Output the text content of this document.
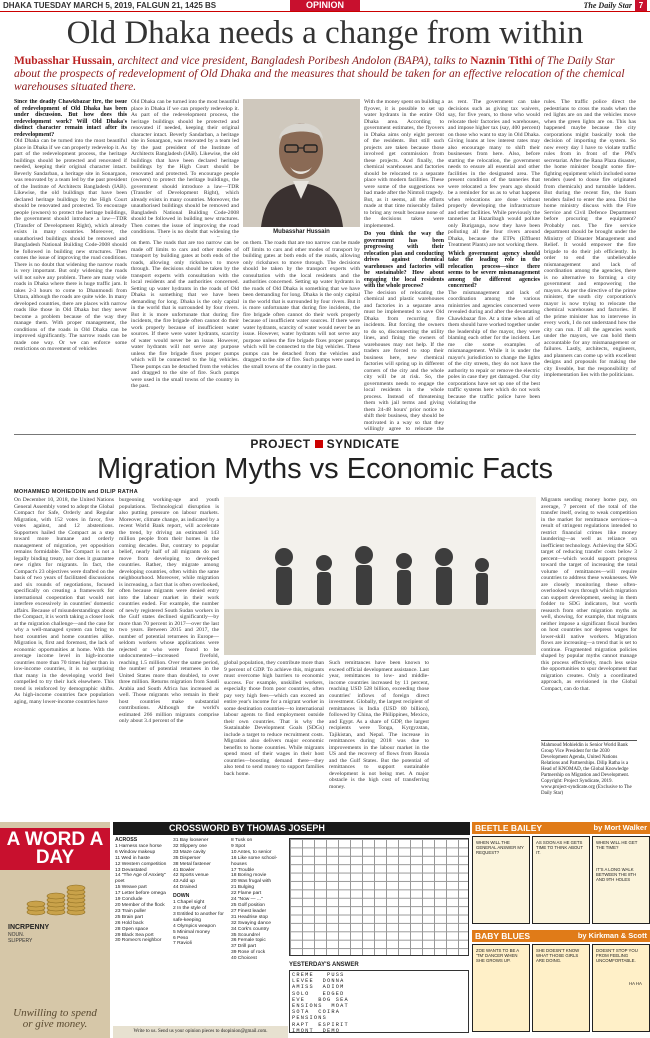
DHAKA TUESDAY MARCH 5, 2019, FALGUN 21, 1425 BS	OPINION	The Daily Star 7
Old Dhaka needs a change from within
Mubasshar Hussain, architect and vice president, Bangladesh Poribesh Andolon (BAPA), talks to Naznin Tithi of The Daily Star about the prospects of redevelopment of Old Dhaka and the measures that should be taken for an effective relocation of the chemical warehouses situated there.
Since the deadly Chawkbazar fire, the issue of redevelopment of Old Dhaka has been under discussion. But how does this redevelopment work? Will Old Dhaka's distinct character remain intact after its redevelopment?

Old Dhaka can be turned into the most beautiful place in Dhaka if we can properly redevelop it. As part of the redevelopment process, the heritage buildings should be protected and renovated if needed, keeping their original character intact. Beverly Sandarban, a heritage site in Sonargaon, was renovated by a team led by the past president of the Institute of Architects Bangladesh (IAB). Likewise, the old buildings that have been declared heritage buildings by the High Court should be renovated and protected. To encourage people (owners) to protect the heritage buildings, the government should introduce a law—TDR (Transfer of Development Right), which already exists in many countries. Moreover, the unauthorised buildings should be removed and Bangladesh National Building Code-2008 should be followed in building new structures. Then comes the issue of improving the road conditions. There is no doubt that widening the narrow roads is very important. But only widening the roads will not solve any problem. There are many wide roads in Dhaka where there is huge traffic jam. It takes 2-3 hours to come to Dhanmondi from Uttara, although the roads are quite wide. In many developed countries, there are places with narrow roads like those in Old Dhaka but they never become a problem because of the way they manage them. With proper management, the conditions of the roads in Old Dhaka can be improved significantly. The narrow roads can be made one way. Or we can enforce some restrictions on movement of vehicles

Mubasshar Hussain

on them. The roads that are too narrow can be made off limits to cars and other modes of transport by building gates at both ends of the roads, allowing only rickshaws to move through. The decisions should be taken by the transport experts with consultation with the local residents and the authorities concerned. Setting up water hydrants in the roads of Old Dhaka is something that we have been demanding for long. Dhaka is the only capital in the world that is surrounded by four rivers. But it is more unfortunate that during fire incidents, the fire brigade often cannot do their work properly because of insufficient water sources. If there were water hydrants, scarcity of water would never be an issue. However, water hydrants will not serve any purpose unless the fire brigade fixes proper pumps which will be connected to the big vehicles. These pumps can be detached from the vehicles and dragged to the site of fire. Such pumps were used in the small towns of the country in the past.

on them. The roads that are too narrow can be made off limits to cars and other modes of transport by building gates at both ends of the roads, allowing only rickshaws to move through. The decisions should be taken by the transport experts with consultation with the local residents and the authorities concerned. Setting up water hydrants in the roads of Old Dhaka is something that we have been demanding for long. Dhaka is the only capital in the world that is surrounded by four rivers. But it is more unfortunate that during fire incidents, the fire brigade often cannot do their work properly because of insufficient water sources. If there were water hydrants, scarcity of water would never be an issue. However, water hydrants will not serve any purpose unless the fire brigade fixes proper pumps which will be connected to the big vehicles. These pumps can be detached from the vehicles and dragged to the site of fire. Such pumps were used in the small towns of the country in the past.

Old Dhaka can be turned into the most beautiful place in Dhaka if we can properly redevelop it. As part of the redevelopment process, the heritage buildings should be protected and renovated if needed, keeping their original character intact. Beverly Sandarban, a heritage site in Sonargaon, was renovated by a team led by the past president of the Institute of Architects Bangladesh (IAB). Likewise, the old buildings that have been declared heritage buildings by the High Court should be renovated and protected. To encourage people (owners) to protect the heritage buildings, the government should introduce a law—TDR (Transfer of Development Right), which already exists in many countries. Moreover, the unauthorised buildings should be removed and Bangladesh National Building Code-2008 should be followed in building new structures. Then comes the issue of improving the road conditions. There is no doubt that widening the

With the money spent on building a flyover, it is possible to set up water hydrants in the entire Old Dhaka area. According to government estimates, the flyovers in Dhaka aims only eight percent of the residents. But still such projects are taken because those involved get commission from these projects. And finally, the chemical warehouses and factories should be relocated to a separate place with modern facilities. These were some of the suggestions we had made after the Nimtoli tragedy. But, as it seems, all the efforts made at that time miserably failed to bring any result because none of the decisions taken were implemented.

Do you think the way the government has been progressing with their relocation plan and conducting drives against chemical warehouses and factories will be sustainable? How about engaging the local residents with the whole process?

The decision of relocating the chemical and plastic warehouses and factories in a separate area must be implemented to save Old Dhaka from recurring fire incidents. But forcing the owners to do so, disconnecting the utility lines, and fining the owners of warehouses may not help. If the traders are forced to stop their business here, new chemical factories will spring up in different corners of the city and the whole city will be at risk. So, the governments needs to engage the local residents in the whole process. Instead of threatening them with jail terms and giving them 24-48 hours' prior notice to shift their business, they should be motivated in a way so that they willingly agree to relocate the

as rent. The government can take decisions such as giving tax waivers, say, for five years, to those who would relocate their factories and warehouses, and impose higher tax (say, 400 percent) on those who want to stay in Old Dhaka. Giving loans at low interest rates may also encourage many to shift their businesses from here. Also, before starting the relocation, the government needs to ensure all essential and other facilities in the designated area. The present condition of the tanneries that were relocated a few years ago should be a reminder for us as to what happens when relocations are done without properly developing the infrastructure and other facilities. While previously the tanneries at Hazaribagh would pollute only Buriganga, now they have been polluting all the four rivers around Dhaka, because the ETPs (Effluent Treatment Plants) are not working there.

Which government agency should take the leading role in the relocation process—since there seems to be severe mismanagement among the different agencies concerned?

The mismanagement and lack of coordination among the various ministries and agencies concerned were revealed during and after the devastating Chawkbazar fire. At a time when all of them should have worked together under the leadership of the mayor, they were blaming each other for the incident. Let me cite some examples of mismanagement. While it is under the mayor's jurisdiction to change the lights of the city streets, they do not have the authority to repair or remove the electric poles in case they get damaged. Our city corporations have set up one of the best traffic systems here which do not work because the traffic police have been violating the

rules. The traffic police direct the pedestrians to cross the roads when the red lights are on and the vehicles move when the green lights are on. This has happened maybe because the city corporations might basically took the decision of importing the system. So now every day I have to violate traffic rules from in front of the PM's secretariat. After the Rana Plaza disaster, the home minister bought some fire-fighting equipment which included some tenders (used to douse fire originated from chemicals) and turntable ladders. But during the recent fire, the foam tenders failed to enter the area. Did the home ministry discuss with the Fire Service and Civil Defence Department before procuring the equipment? Probably not. The fire service department should be brought under the Ministry of Disaster Management and Relief. It would empower the fire brigade to do their job efficiently. In order to end the unbelievable mismanagement and lack of coordination among the agencies, there is no alternative to forming a city government and empowering the mayors. As per the directive of the prime minister, the south city corporation's mayor is now trying to relocate the chemical warehouses and factories. If the prime minister has to intervene in every work, I do not understand how the city can run. If all the agencies work under the mayors, we can hold them accountable for any mismanagement or failures. Lastly, architects, engineers, and planners can come up with excellent designs and proposals for making the city liveable, but the responsibility of implementation lies with the politicians.

PROJECT SYNDICATE
Migration Myths vs Economic Facts
MOHAMMED MOHIEDDIN and DILIP RATHA

On December 10, 2018, the United Nations General Assembly voted to adopt the Global Compact for Safe, Orderly and Regular Migration, with 152 votes in favor, five votes against, and 12 abstentions. Supporters hailed the Compact as a step toward more humane and orderly management of migration, yet opposition remains formidable. The Compact is not a legally binding treaty, nor does it guarantee new rights for migrants. In fact, the Compact's 23 objectives were drafted on the basis of two years of facilitated discussions and six rounds of negotiations, focused specifically on creating a framework for international cooperation that would not interfere excessively in countries' domestic affairs. Because of misunderstandings about the Compact, it is worth taking a closer look at the migration challenge—and the case for why a well-managed system can bring to host countries and home countries alike. Migration is, first and foremost, the lack of economic opportunities at home. With the average income level in high-income countries more than 70 times higher than in low-income countries, it is no surprising that many in the developing world feel compelled to try their luck elsewhere. This trend is reinforced by demographic shifts. As high-income countries face population aging, many lower-income countries have

burgeoning working-age and youth populations. Technological disruption is also putting pressure on labour markets. Moreover, climate change, as indicated by a recent World Bank report, will accelerate the trend, by driving an estimated 143 million people from their homes in the coming decades. But, contrary to popular belief, nearly half of all migrants do not move from developing to developed countries. Rather, they migrate among developing countries, often within the same neighbourhood. Moreover, while migration is increasing, a fact that is often overlooked, often because migrants were denied entry into the labour market in their work countries ended. For example, the number of newly registered South Sudan workers in the Gulf states declined significantly—by more than 70 percent in 2017—over the last two years. Between 2015 and 2017, the number of potential returnees in Europe—seldom workers whose applications were rejected or who were found to be undocumented—increased fivefold, reaching 1.5 million. Over the same period, the number of potential returnees in the United States more than doubled, to over three million. Returns migration from Saudi Arabia and South Africa has increased as well. Those migrants who remain in their host countries make substantial contributions. Although the world's estimated 266 million migrants comprise only about 3.4 percent of the

global population, they contribute more than 9 percent of GDP. To achieve this, migrants must overcome high barriers to economic success. For example, unskilled workers, especially those from poor countries, often pay very high fees—which can exceed an entire year's income for a migrant worker in some destination countries—to international labour agents to find employment outside their own countries. That is why the Sustainable Development Goals (SDGs) include a target to reduce recruitment costs. Migration also delivers major economic benefits to home countries. While migrants spend most of their wages in their host countries—boosting demand there—they also tend to send money to support families back home.

Such remittances have been known to exceed official development assistance. Last year, remittances to low- and middle-income countries increased by 11 percent, reaching USD 528 billion, exceeding those countries' inflows of foreign direct investment. Globally, the largest recipient of remittances is India (USD 80 billion), followed by China, the Philippines, Mexico, and Egypt. As a share of GDP, the largest recipients were Tonga, Kyrgyzstan, Tajikistan, and Nepal. The increase in remittances during 2018 was due to improvements in the labour market in the US and the recovery of flows from Russia and the Gulf States. But the potential of remittances to support sustainable development is not being met. A major obstacle is the high cost of transferring money.

Migrants sending money home pay, on average, 7 percent of the total of the transfer itself, owing to weak competition in the market for remittance services—a result of stringent regulations intended to restrict financial crimes like money laundering—as well as reliance on inefficient technology. Achieving the SDG target of reducing transfer costs below 3 percent—which would support progress toward the target of increasing the total volume of remittances—will require countries to address these weaknesses. We are closely monitoring these often-overlooked ways through which migration can support development, seeing in them fodder to SDG indicators, but worth research from other migration myths as well, showing, for example, that migrants neither impose a significant fiscal burden on host countries nor depress wages for lower-skill native workers. Migration flows are increasing—a trend that is set to continue. Fragmented migration policies shaped by popular myths cannot manage this process effectively, much less seize the opportunities to spur development that migration creates. Only a coordinated approach, as envisioned in the Global Compact, can do that.

Mahmoud Mohieldin is Senior World Bank Group Vice President for the 2030 Development Agenda, United Nations Relations and Partnerships. Dilip Ratha is a Head of KNOMAD, the Global Knowledge Partnership on Migration and Development. Copyright: Project Syndicate, 2019. www.project-syndicate.org (Exclusive to The Daily Star)
A WORD A DAY
INCRPENNY
NOUN.
SLIPPERY
Unwilling to spend or give money.
CROSSWORD BY THOMAS JOSEPH
ACROSS
1 Harness race horse
6 Window makeup
11 Wed in haste
12 Western competition
13 Devastated
14 "The Age of Anxiety" poet
15 Weave part
17 Letter before omega
19 Conclude
20 Member of the flock
23 Train puller
25 Brain part
26 Hold back
28 Open space
29 Black Sea port
30 Romeo's neighbor
31 Bay loosener
32 Slippery one
33 Maze cavity
35 Disperser
38 Metal fastener
41 Bowler
42 Sports venue
43 Add up
44 Drained
DOWN
1 Chapel sight
2 In the style of
3 Entitled to another for safe-keeping
4 Olympics weapon
5 Minimal money
6 Peso
7 Ravioli

8 Tusk on
9 Spot
10 Antes, to senior
16 Like some school-houses
17 Trouble
18 Boring movie
20 Was frugal with
21 Bulging
22 Flame part
24 "Now — ..."
25 Golf position
27 Finest leader
31 Headrise stop
32 Swaying dance
34 Cork's country
35 Scoundrel
36 Female topic
37 Drill part
39 Rose of rock
40 Choicest
YESTERDAY'S ANSWER
CREME   PUSS
LEVEE  DONNA
AMISS  ADIOM
SOLO   EDGED
EVE   BOG SEA
ENSIONS  MOAT
SOTA  COIRA
PENSIONS
RAPT  ESPIRIT
IMONT  DEMO

Write to us. Send us your opinion pieces to dsopinion@gmail.com.
BEETLE BAILEY	by Mort Walker
WHEN WILL THE GENERAL ANSWER MY REQUEST?
AS SOON AS HE GETS TIME TO THINK ABOUT IT.
WHEN WILL HE GET THE TIME?
IT'S A LONG WALK BETWEEN THE 8TH AND 9TH HOLES
BABY BLUES	by Kirkman & Scott
ZOE WANTS TO BE A 'TM' DANCER WHEN SHE GROWS UP.
SHE DOESN'T KNOW WHAT THOSE GIRLS ARE DOING.
DOESN'T STOP YOU FROM FEELING UNCOMFORTABLE.
HA HA
